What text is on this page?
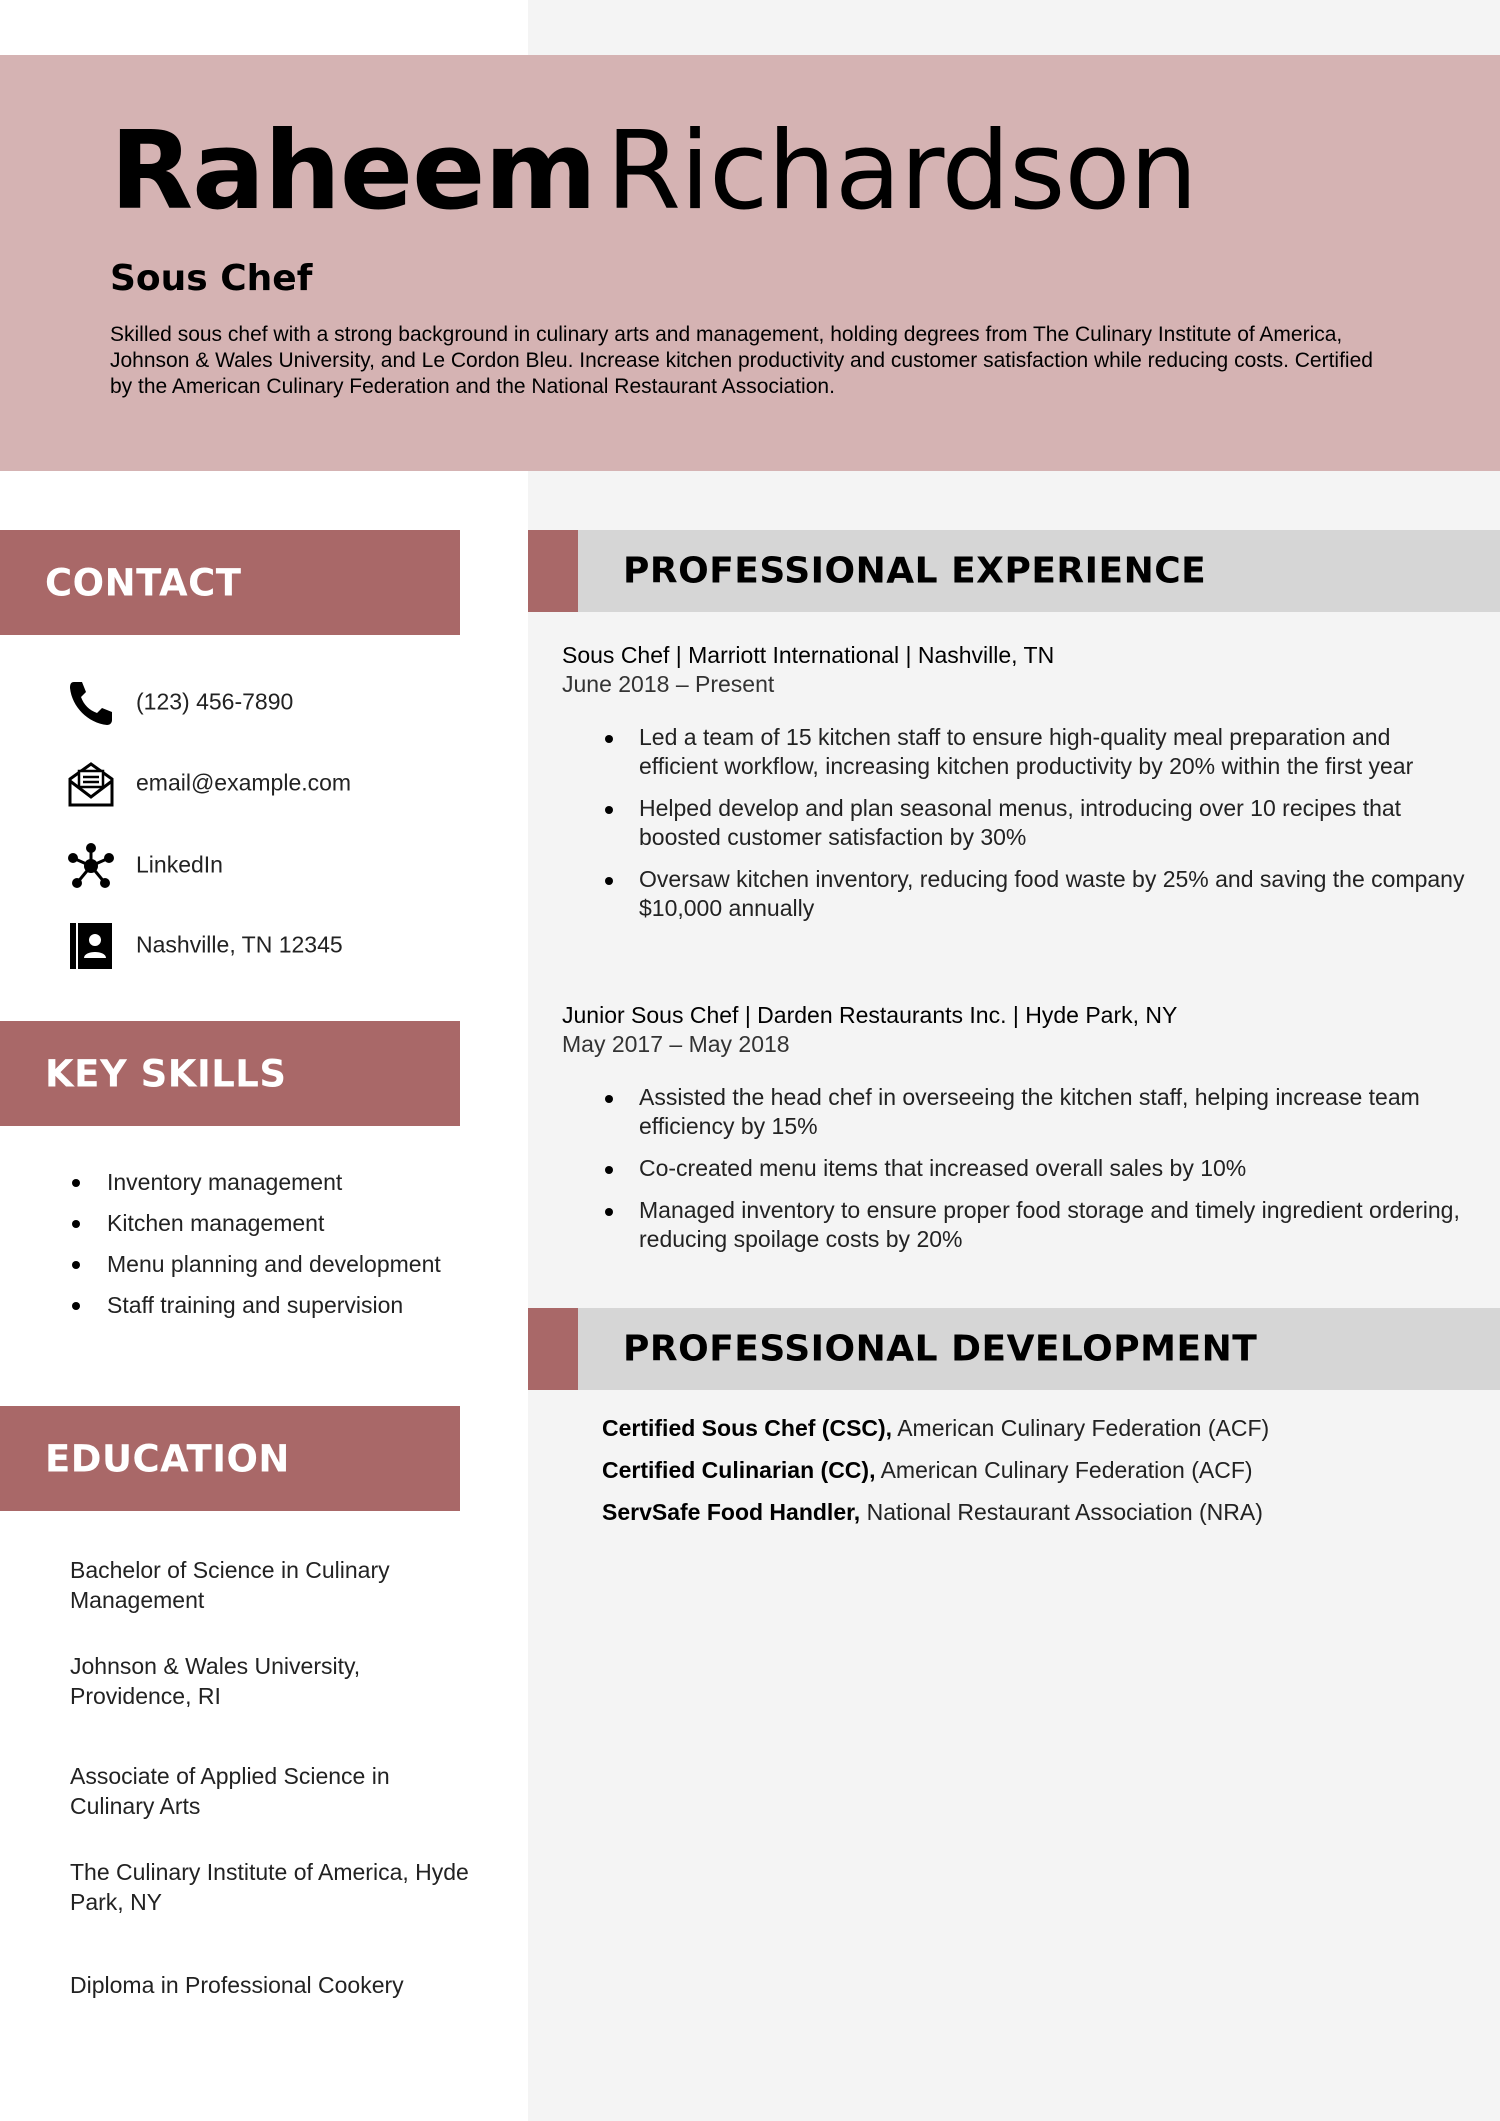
RaheemRichardson
Sous Chef
Skilled sous chef with a strong background in culinary arts and management, holding degrees from The Culinary Institute of America, Johnson & Wales University, and Le Cordon Bleu. Increase kitchen productivity and customer satisfaction while reducing costs. Certified by the American Culinary Federation and the National Restaurant Association.
CONTACT
(123) 456-7890
email@example.com
LinkedIn
Nashville, TN 12345
KEY SKILLS
Inventory management
Kitchen management
Menu planning and development
Staff training and supervision
EDUCATION
Bachelor of Science in Culinary Management
Johnson & Wales University, Providence, RI
Associate of Applied Science in Culinary Arts
The Culinary Institute of America, Hyde Park, NY
Diploma in Professional Cookery
PROFESSIONAL EXPERIENCE
Sous Chef | Marriott International | Nashville, TN
June 2018 – Present
Led a team of 15 kitchen staff to ensure high-quality meal preparation and efficient workflow, increasing kitchen productivity by 20% within the first year
Helped develop and plan seasonal menus, introducing over 10 recipes that boosted customer satisfaction by 30%
Oversaw kitchen inventory, reducing food waste by 25% and saving the company $10,000 annually
Junior Sous Chef | Darden Restaurants Inc. | Hyde Park, NY
May 2017 – May 2018
Assisted the head chef in overseeing the kitchen staff, helping increase team efficiency by 15%
Co-created menu items that increased overall sales by 10%
Managed inventory to ensure proper food storage and timely ingredient ordering, reducing spoilage costs by 20%
PROFESSIONAL DEVELOPMENT
Certified Sous Chef (CSC), American Culinary Federation (ACF)
Certified Culinarian (CC), American Culinary Federation (ACF)
ServSafe Food Handler, National Restaurant Association (NRA)
